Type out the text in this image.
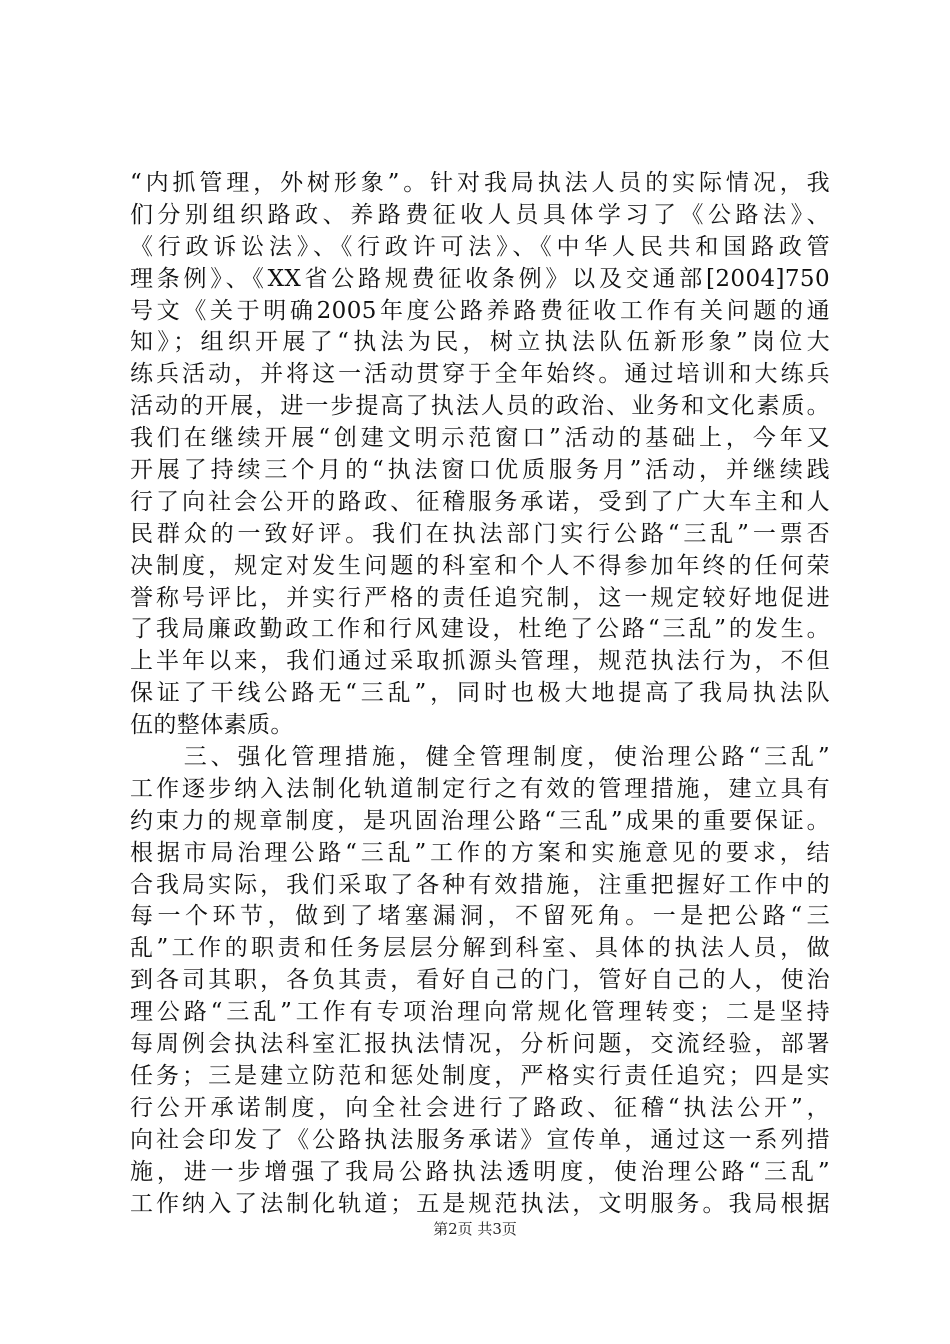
“内抓管理，外树形象”。针对我局执法人员的实际情况，我
们分别组织路政、养路费征收人员具体学习了《公路法》、
《行政诉讼法》、《行政许可法》、《中华人民共和国路政管
理条例》、《XX省公路规费征收条例》以及交通部[2004]750
号文《关于明确2005年度公路养路费征收工作有关问题的通
知》；组织开展了“执法为民，树立执法队伍新形象”岗位大
练兵活动，并将这一活动贯穿于全年始终。通过培训和大练兵
活动的开展，进一步提高了执法人员的政治、业务和文化素质。
我们在继续开展“创建文明示范窗口”活动的基础上，今年又
开展了持续三个月的“执法窗口优质服务月”活动，并继续践
行了向社会公开的路政、征稽服务承诺，受到了广大车主和人
民群众的一致好评。我们在执法部门实行公路“三乱”一票否
决制度，规定对发生问题的科室和个人不得参加年终的任何荣
誉称号评比，并实行严格的责任追究制，这一规定较好地促进
了我局廉政勤政工作和行风建设，杜绝了公路“三乱”的发生。
上半年以来，我们通过采取抓源头管理，规范执法行为，不但
保证了干线公路无“三乱”，同时也极大地提高了我局执法队
伍的整体素质。
　　三、强化管理措施，健全管理制度，使治理公路“三乱”
工作逐步纳入法制化轨道制定行之有效的管理措施，建立具有
约束力的规章制度，是巩固治理公路“三乱”成果的重要保证。
根据市局治理公路“三乱”工作的方案和实施意见的要求，结
合我局实际，我们采取了各种有效措施，注重把握好工作中的
每一个环节，做到了堵塞漏洞，不留死角。一是把公路“三
乱”工作的职责和任务层层分解到科室、具体的执法人员，做
到各司其职，各负其责，看好自己的门，管好自己的人，使治
理公路“三乱”工作有专项治理向常规化管理转变；二是坚持
每周例会执法科室汇报执法情况，分析问题，交流经验，部署
任务；三是建立防范和惩处制度，严格实行责任追究；四是实
行公开承诺制度，向全社会进行了路政、征稽“执法公开”，
向社会印发了《公路执法服务承诺》宣传单，通过这一系列措
施，进一步增强了我局公路执法透明度，使治理公路“三乱”
工作纳入了法制化轨道；五是规范执法，文明服务。我局根据
第2页 共3页
